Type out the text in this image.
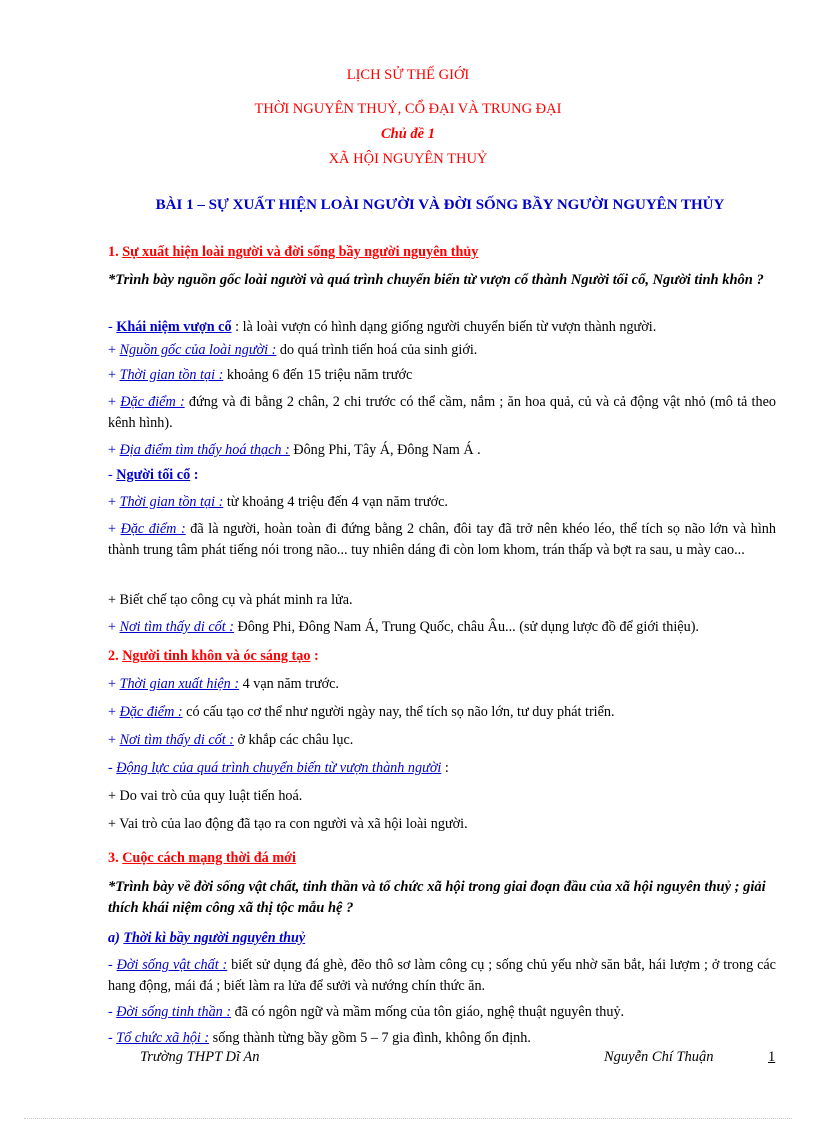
LỊCH SỬ THẾ GIỚI

THỜI NGUYÊN THUỶ, CỔ ĐẠI VÀ TRUNG ĐẠI

Chủ đề 1

XÃ HỘI NGUYÊN THUỶ

BÀI 1 – SỰ XUẤT HIỆN LOÀI NGƯỜI VÀ ĐỜI SỐNG BẦY NGƯỜI NGUYÊN THỦY

1. Sự xuất hiện loài người và đời sống bầy người nguyên thủy

*Trình bày nguồn gốc loài người và quá trình chuyển biến từ vượn cổ thành Người tối cổ, Người tinh khôn ?

- Khái niệm vượn cổ : là loài vượn có hình dạng giống người chuyển biến từ vượn thành người.

+ Nguồn gốc của loài người : do quá trình tiến hoá của sinh giới.

+ Thời gian tồn tại : khoảng 6 đến 15 triệu năm trước

+ Đặc điểm : đứng và đi bằng 2 chân, 2 chi trước có thể cầm, nắm ; ăn hoa quả, củ và cả động vật nhỏ (mô tả theo kênh hình).

+ Địa điểm tìm thấy hoá thạch : Đông Phi, Tây Á, Đông Nam Á .

- Người tối cổ :

+ Thời gian tồn tại : từ khoảng 4 triệu đến 4 vạn năm trước.

+ Đặc điểm : đã là người, hoàn toàn đi đứng bằng 2 chân, đôi tay đã trở nên khéo léo, thể tích sọ não lớn và hình thành trung tâm phát tiếng nói trong não... tuy nhiên dáng đi còn lom khom, trán thấp và bợt ra sau, u mày cao...

+ Biết chế tạo công cụ và phát minh ra lửa.

+ Nơi tìm thấy di cốt : Đông Phi, Đông Nam Á, Trung Quốc, châu Âu... (sử dụng lược đồ để giới thiệu).

2. Người tinh khôn và óc sáng tạo :

+ Thời gian xuất hiện : 4 vạn năm trước.

+ Đặc điểm : có cấu tạo cơ thể như người ngày nay, thể tích sọ não lớn, tư duy phát triển.

+ Nơi tìm thấy di cốt : ở khắp các châu lục.

- Động lực của quá trình chuyển biến từ vượn thành người :

+ Do vai trò của quy luật tiến hoá.

+ Vai trò của lao động đã tạo ra con người và xã hội loài người.

3. Cuộc cách mạng thời đá mới

*Trình bày về đời sống vật chất, tinh thần và tổ chức xã hội trong giai đoạn đầu của xã hội nguyên thuỷ ; giải thích khái niệm công xã thị tộc mẫu hệ ?

a) Thời kì bầy người nguyên thuỷ

- Đời sống vật chất : biết sử dụng đá ghè, đẽo thô sơ làm công cụ ; sống chủ yếu nhờ săn bắt, hái lượm ; ở trong các hang động, mái đá ; biết làm ra lửa để sưởi và nướng chín thức ăn.

- Đời sống tinh thần : đã có ngôn ngữ và mầm mống của tôn giáo, nghệ thuật nguyên thuỷ.

- Tổ chức xã hội : sống thành từng bầy gồm 5 – 7 gia đình, không ổn định.

Trường THPT Dĩ An	Nguyễn Chí Thuận	1
